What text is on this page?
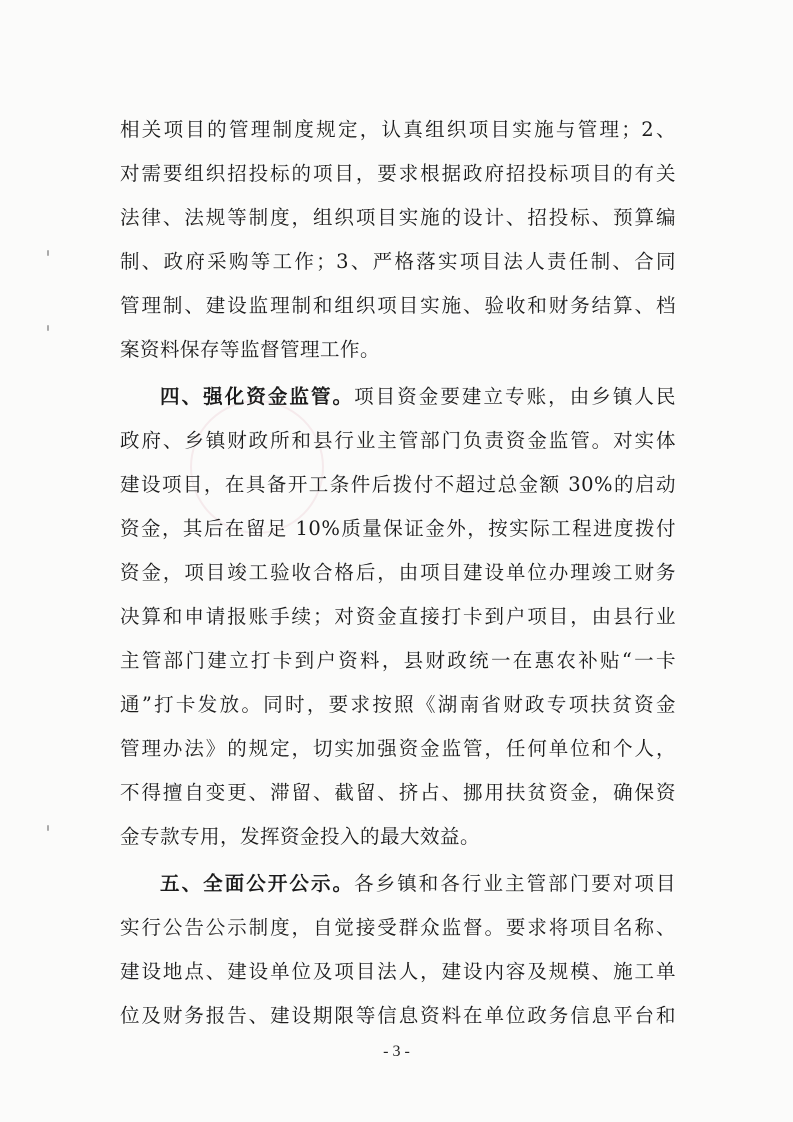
相关项目的管理制度规定，认真组织项目实施与管理；2、
对需要组织招投标的项目，要求根据政府招投标项目的有关
法律、法规等制度，组织项目实施的设计、招投标、预算编
制、政府采购等工作；3、严格落实项目法人责任制、合同
管理制、建设监理制和组织项目实施、验收和财务结算、档
案资料保存等监督管理工作。
四、强化资金监管。项目资金要建立专账，由乡镇人民
政府、乡镇财政所和县行业主管部门负责资金监管。对实体
建设项目，在具备开工条件后拨付不超过总金额 30%的启动
资金，其后在留足 10%质量保证金外，按实际工程进度拨付
资金，项目竣工验收合格后，由项目建设单位办理竣工财务
决算和申请报账手续；对资金直接打卡到户项目，由县行业
主管部门建立打卡到户资料，县财政统一在惠农补贴“一卡
通”打卡发放。同时，要求按照《湖南省财政专项扶贫资金
管理办法》的规定，切实加强资金监管，任何单位和个人，
不得擅自变更、滞留、截留、挤占、挪用扶贫资金，确保资
金专款专用，发挥资金投入的最大效益。
五、全面公开公示。各乡镇和各行业主管部门要对项目
实行公告公示制度，自觉接受群众监督。要求将项目名称、
建设地点、建设单位及项目法人，建设内容及规模、施工单
位及财务报告、建设期限等信息资料在单位政务信息平台和
- 3 -
